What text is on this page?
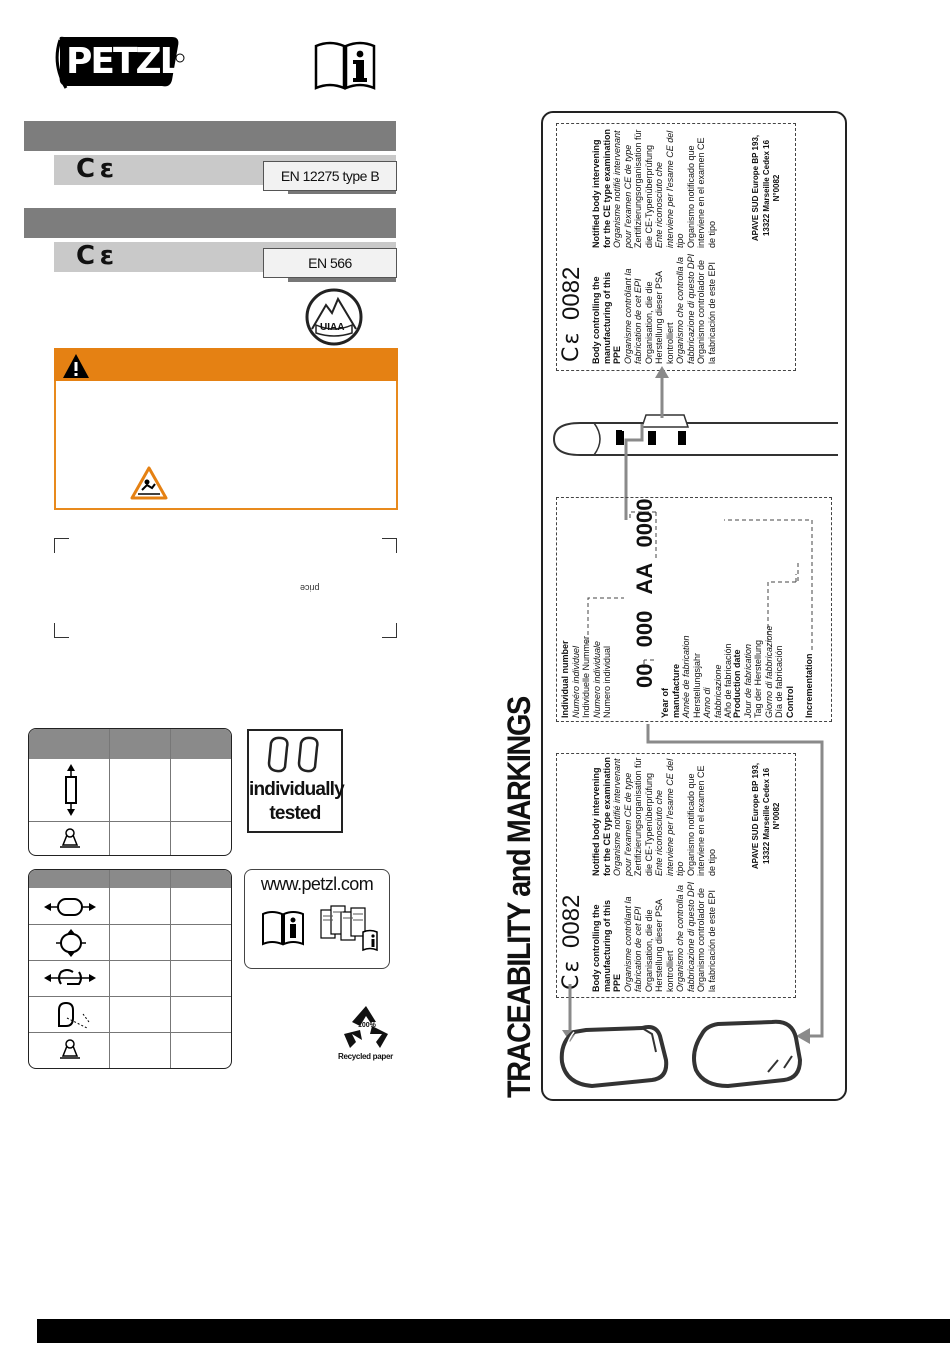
PETZL
C ε	EN 12275 type B
C ε	EN 566
UIAA
price
individually
tested
www.petzl.com
100%
Recycled paper	TRACEABILITY and MARKINGS
C ε
0082 Body controlling the manufacturing of this PPE
Organisme contrôlant la fabrication de cet EPI
Organisation, die die Herstellung dieser PSA kontrolliert
Organismo che controlla la fabbricazione di questo DPI
Organismo controlador de la fabricación de este EPI
Notified body intervening for the CE type examination
Organisme notifié intervenant pour l'examen CE de type
Zertifizierungsorganisation für die CE-Typenüberprüfung
Ente riconosciuto che interviene per l'esame CE del tipo
Organismo notificado que interviene en el examen CE de tipo	APAVE SUD Europe BP 193, 13322 Marseille Cedex 16 N°0082
Individual number
Numéro individuel
Individuelle Nummer
Numero individuale
Numero individual 00 000 AA 0000
Year of manufacture
Année de fabrication
Herstellungsjahr
Anno di fabbricazione
Año de fabricación Production date
Jour de fabrication
Tag der Herstellung
Giorno di fabbricazione
Día de fabricación
Control Incrementation
C ε
0082 Body controlling the manufacturing of this PPE
Organisme contrôlant la fabrication de cet EPI
Organisation, die die Herstellung dieser PSA kontrolliert
Organismo che controlla la fabbricazione di questo DPI
Organismo controlador de la fabricación de este EPI
Notified body intervening for the CE type examination
Organisme notifié intervenant pour l'examen CE de type
Zertifizierungsorganisation für die CE-Typenüberprüfung
Ente riconosciuto che interviene per l'esame CE del tipo
Organismo notificado que interviene en el examen CE de tipo	APAVE SUD Europe BP 193, 13322 Marseille Cedex 16 N°0082
